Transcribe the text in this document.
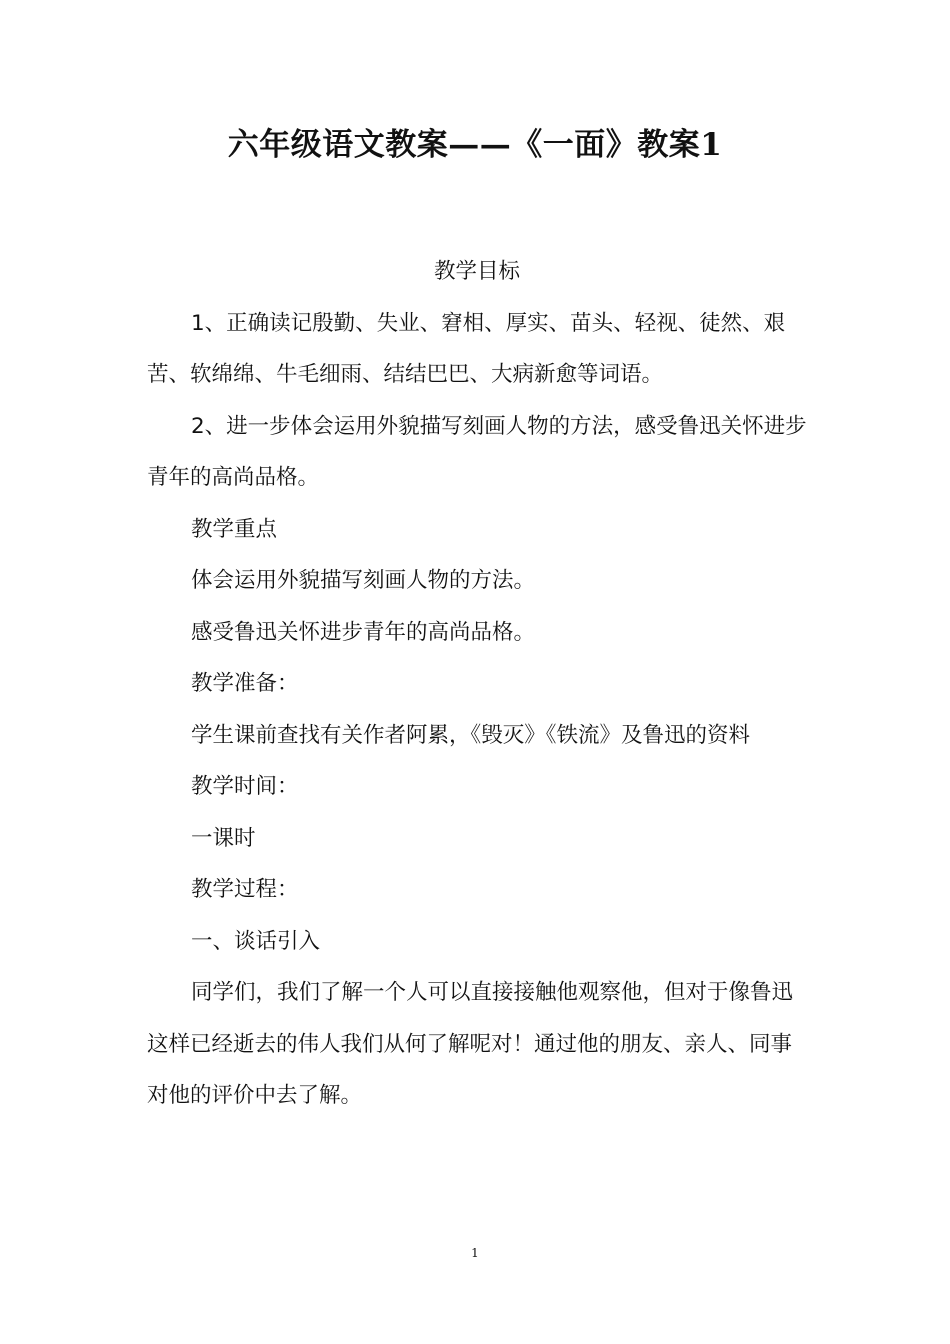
六年级语文教案——《一面》教案1

教学目标

1、正确读记殷勤、失业、窘相、厚实、苗头、轻视、徒然、艰苦、软绵绵、牛毛细雨、结结巴巴、大病新愈等词语。

2、进一步体会运用外貌描写刻画人物的方法，感受鲁迅关怀进步青年的高尚品格。

教学重点

体会运用外貌描写刻画人物的方法。

感受鲁迅关怀进步青年的高尚品格。

教学准备：

学生课前查找有关作者阿累，《毁灭》《铁流》及鲁迅的资料

教学时间：

一课时

教学过程：

一、谈话引入

同学们，我们了解一个人可以直接接触他观察他，但对于像鲁迅这样已经逝去的伟人我们从何了解呢对！通过他的朋友、亲人、同事对他的评价中去了解。

1
